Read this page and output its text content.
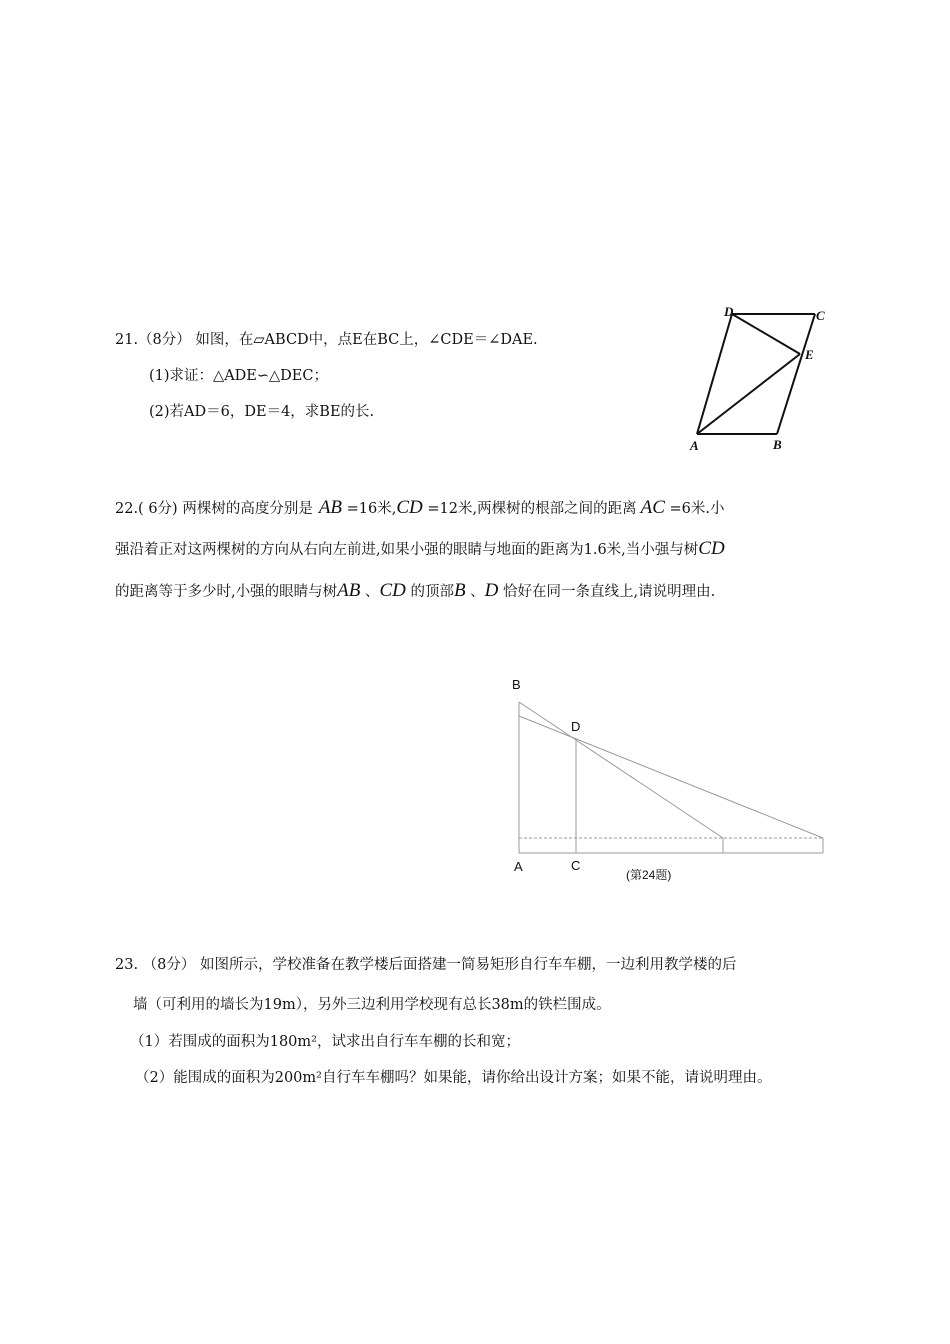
21.（8分） 如图，在▱ABCD中，点E在BC上，∠CDE＝∠DAE.
(1)求证：△ADE∽△DEC；
(2)若AD＝6，DE＝4，求BE的长.
D	C
E
A	B
22.( 6分) 两棵树的高度分别是 AB =16米,CD =12米,两棵树的根部之间的距离 AC =6米.小
强沿着正对这两棵树的方向从右向左前进,如果小强的眼睛与地面的距离为1.6米,当小强与树CD
的距离等于多少时,小强的眼睛与树AB 、CD 的顶部B 、D 恰好在同一条直线上,请说明理由.
B
D
A	C
(第24题)
23. （8分） 如图所示，学校准备在教学楼后面搭建一简易矩形自行车车棚，一边利用教学楼的后
墙（可利用的墙长为19m），另外三边利用学校现有总长38m的铁栏围成。
（1）若围成的面积为180m²，试求出自行车车棚的长和宽；
（2）能围成的面积为200m²自行车车棚吗？如果能，请你给出设计方案；如果不能，请说明理由。
